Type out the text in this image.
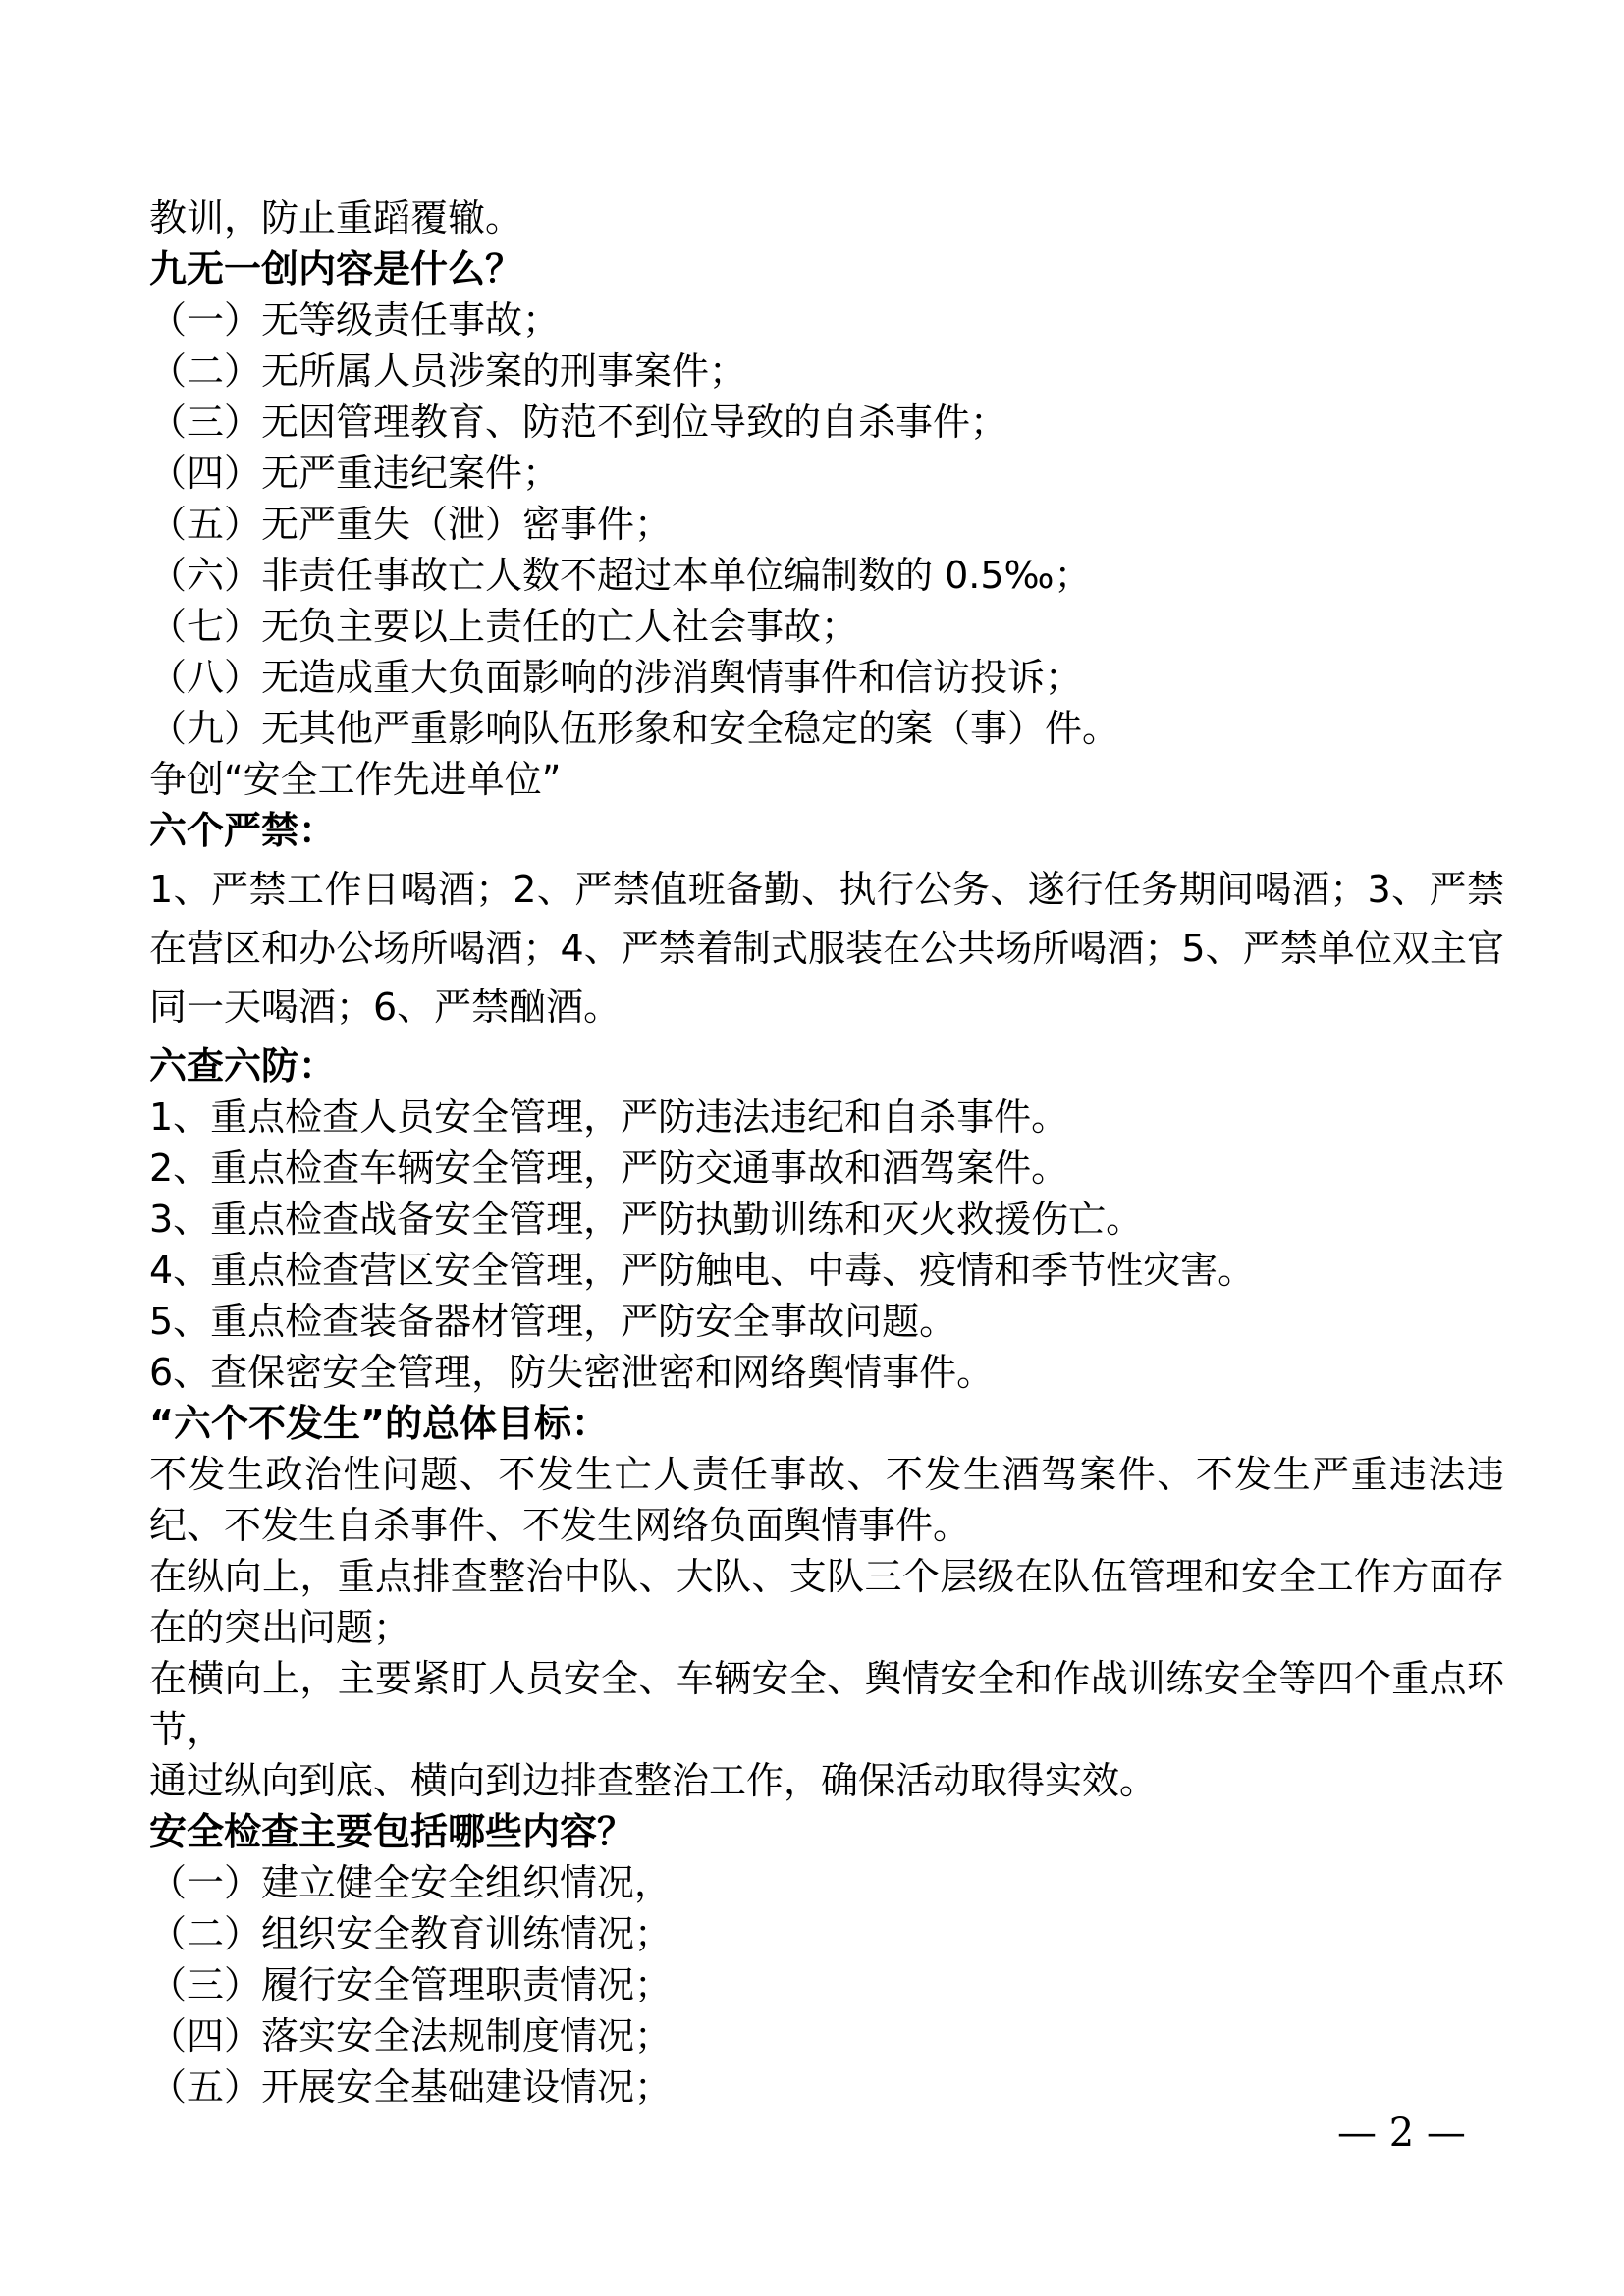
教训，防止重蹈覆辙。
九无一创内容是什么？
（一）无等级责任事故；
（二）无所属人员涉案的刑事案件；
（三）无因管理教育、防范不到位导致的自杀事件；
（四）无严重违纪案件；
（五）无严重失（泄）密事件；
（六）非责任事故亡人数不超过本单位编制数的 0.5‰；
（七）无负主要以上责任的亡人社会事故；
（八）无造成重大负面影响的涉消舆情事件和信访投诉；
（九）无其他严重影响队伍形象和安全稳定的案（事）件。
争创“安全工作先进单位”
六个严禁：
1、严禁工作日喝酒；2、严禁值班备勤、执行公务、遂行任务期间喝酒；3、严禁在营区和办公场所喝酒；4、严禁着制式服装在公共场所喝酒；5、严禁单位双主官同一天喝酒；6、严禁酗酒。
六查六防：
1、重点检查人员安全管理，严防违法违纪和自杀事件。
2、重点检查车辆安全管理，严防交通事故和酒驾案件。
3、重点检查战备安全管理，严防执勤训练和灭火救援伤亡。
4、重点检查营区安全管理，严防触电、中毒、疫情和季节性灾害。
5、重点检查装备器材管理，严防安全事故问题。
6、查保密安全管理，防失密泄密和网络舆情事件。
“六个不发生”的总体目标：
不发生政治性问题、不发生亡人责任事故、不发生酒驾案件、不发生严重违法违纪、不发生自杀事件、不发生网络负面舆情事件。
在纵向上，重点排查整治中队、大队、支队三个层级在队伍管理和安全工作方面存在的突出问题；
在横向上，主要紧盯人员安全、车辆安全、舆情安全和作战训练安全等四个重点环节，
通过纵向到底、横向到边排查整治工作，确保活动取得实效。
安全检查主要包括哪些内容？
（一）建立健全安全组织情况，
（二）组织安全教育训练情况；
（三）履行安全管理职责情况；
（四）落实安全法规制度情况；
（五）开展安全基础建设情况；
— 2 —
